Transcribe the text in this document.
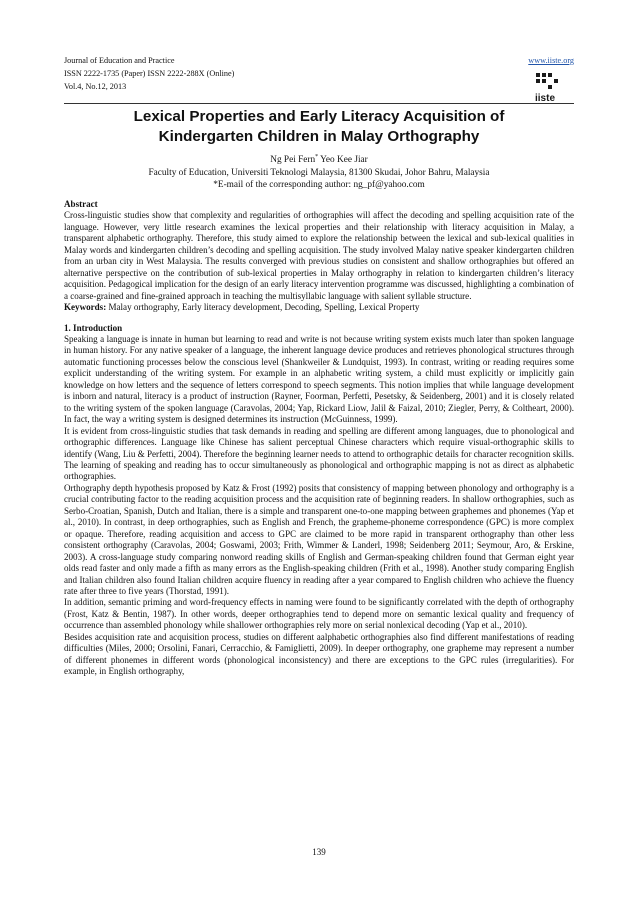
Journal of Education and Practice
ISSN 2222-1735 (Paper) ISSN 2222-288X (Online)
Vol.4, No.12, 2013
www.iiste.org
iiste
Lexical Properties and Early Literacy Acquisition of
Kindergarten Children in Malay Orthography
Ng Pei Fern* Yeo Kee Jiar
Faculty of Education, Universiti Teknologi Malaysia, 81300 Skudai, Johor Bahru, Malaysia
*E-mail of the corresponding author: ng_pf@yahoo.com

Abstract

Cross-linguistic studies show that complexity and regularities of orthographies will affect the decoding and spelling acquisition rate of the language. However, very little research examines the lexical properties and their relationship with literacy acquisition in Malay, a transparent alphabetic orthography. Therefore, this study aimed to explore the relationship between the lexical and sub-lexical qualities in Malay words and kindergarten children’s decoding and spelling acquisition. The study involved Malay native speaker kindergarten children from an urban city in West Malaysia. The results converged with previous studies on consistent and shallow orthographies but offered an alternative perspective on the contribution of sub-lexical properties in Malay orthography in relation to kindergarten children’s literacy acquisition. Pedagogical implication for the design of an early literacy intervention programme was discussed, highlighting a combination of a coarse-grained and fine-grained approach in teaching the multisyllabic language with salient syllable structure.

Keywords: Malay orthography, Early literacy development, Decoding, Spelling, Lexical Property

1. Introduction

Speaking a language is innate in human but learning to read and write is not because writing system exists much later than spoken language in human history. For any native speaker of a language, the inherent language device produces and retrieves phonological structures through automatic functioning processes below the conscious level (Shankweiler & Lundquist, 1993). In contrast, writing or reading requires some explicit understanding of the writing system. For example in an alphabetic writing system, a child must explicitly or implicitly gain knowledge on how letters and the sequence of letters correspond to speech segments. This notion implies that while language development is inborn and natural, literacy is a product of instruction (Rayner, Foorman, Perfetti, Pesetsky, & Seidenberg, 2001) and it is closely related to the writing system of the spoken language (Caravolas, 2004; Yap, Rickard Liow, Jalil & Faizal, 2010; Ziegler, Perry, & Coltheart, 2000). In fact, the way a writing system is designed determines its instruction (McGuinness, 1999).

It is evident from cross-linguistic studies that task demands in reading and spelling are different among languages, due to phonological and orthographic differences. Language like Chinese has salient perceptual Chinese characters which require visual-orthographic skills to identify (Wang, Liu & Perfetti, 2004). Therefore the beginning learner needs to attend to orthographic details for character recognition skills. The learning of speaking and reading has to occur simultaneously as phonological and orthographic mapping is not as direct as alphabetic orthographies.

Orthography depth hypothesis proposed by Katz & Frost (1992) posits that consistency of mapping between phonology and orthography is a crucial contributing factor to the reading acquisition process and the acquisition rate of beginning readers. In shallow orthographies, such as Serbo-Croatian, Spanish, Dutch and Italian, there is a simple and transparent one-to-one mapping between graphemes and phonemes (Yap et al., 2010). In contrast, in deep orthographies, such as English and French, the grapheme-phoneme correspondence (GPC) is more complex or opaque. Therefore, reading acquisition and access to GPC are claimed to be more rapid in transparent orthography than other less consistent orthography (Caravolas, 2004; Goswami, 2003; Frith, Wimmer & Landerl, 1998; Seidenberg 2011; Seymour, Aro, & Erskine, 2003). A cross-language study comparing nonword reading skills of English and German-speaking children found that German eight year olds read faster and only made a fifth as many errors as the English-speaking children (Frith et al., 1998). Another study comparing English and Italian children also found Italian children acquire fluency in reading after a year compared to English children who achieve the fluency rate after three to five years (Thorstad, 1991).

In addition, semantic priming and word-frequency effects in naming were found to be significantly correlated with the depth of orthography (Frost, Katz & Bentin, 1987). In other words, deeper orthographies tend to depend more on semantic lexical quality and frequency of occurrence than assembled phonology while shallower orthographies rely more on serial nonlexical decoding (Yap et al., 2010).

Besides acquisition rate and acquisition process, studies on different aalphabetic orthographies also find different manifestations of reading difficulties (Miles, 2000; Orsolini, Fanari, Cerracchio, & Famiglietti, 2009). In deeper orthography, one grapheme may represent a number of different phonemes in different words (phonological inconsistency) and there are exceptions to the GPC rules (irregularities). For example, in English orthography,

139
